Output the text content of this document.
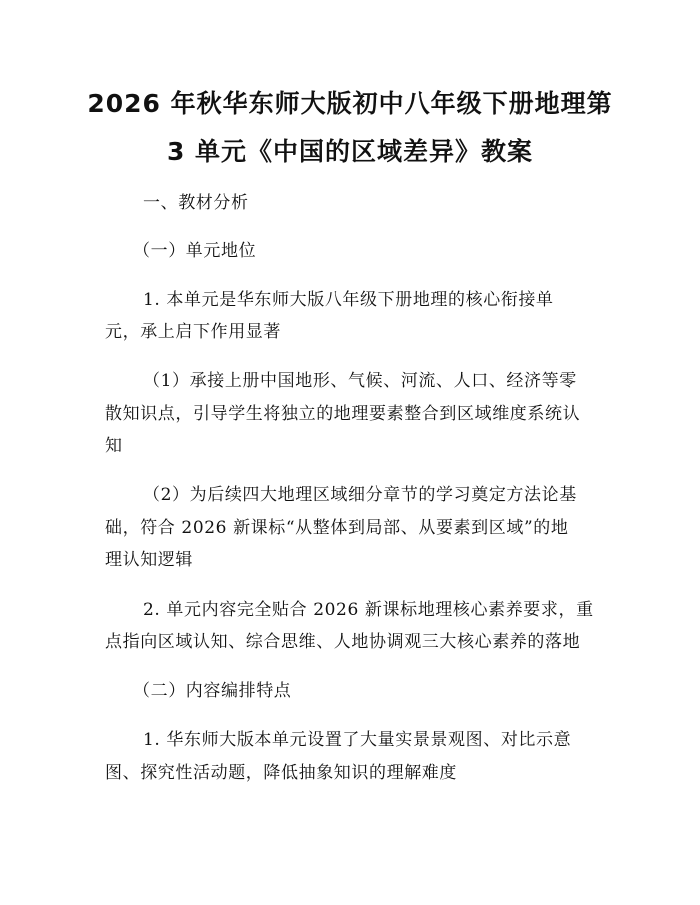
2026 年秋华东师大版初中八年级下册地理第
3 单元《中国的区域差异》教案

一、教材分析

（一）单元地位

1. 本单元是华东师大版八年级下册地理的核心衔接单

元，承上启下作用显著

（1）承接上册中国地形、气候、河流、人口、经济等零

散知识点，引导学生将独立的地理要素整合到区域维度系统认

知

（2）为后续四大地理区域细分章节的学习奠定方法论基

础，符合 2026 新课标“从整体到局部、从要素到区域”的地

理认知逻辑

2. 单元内容完全贴合 2026 新课标地理核心素养要求，重

点指向区域认知、综合思维、人地协调观三大核心素养的落地

（二）内容编排特点

1. 华东师大版本单元设置了大量实景景观图、对比示意

图、探究性活动题，降低抽象知识的理解难度
